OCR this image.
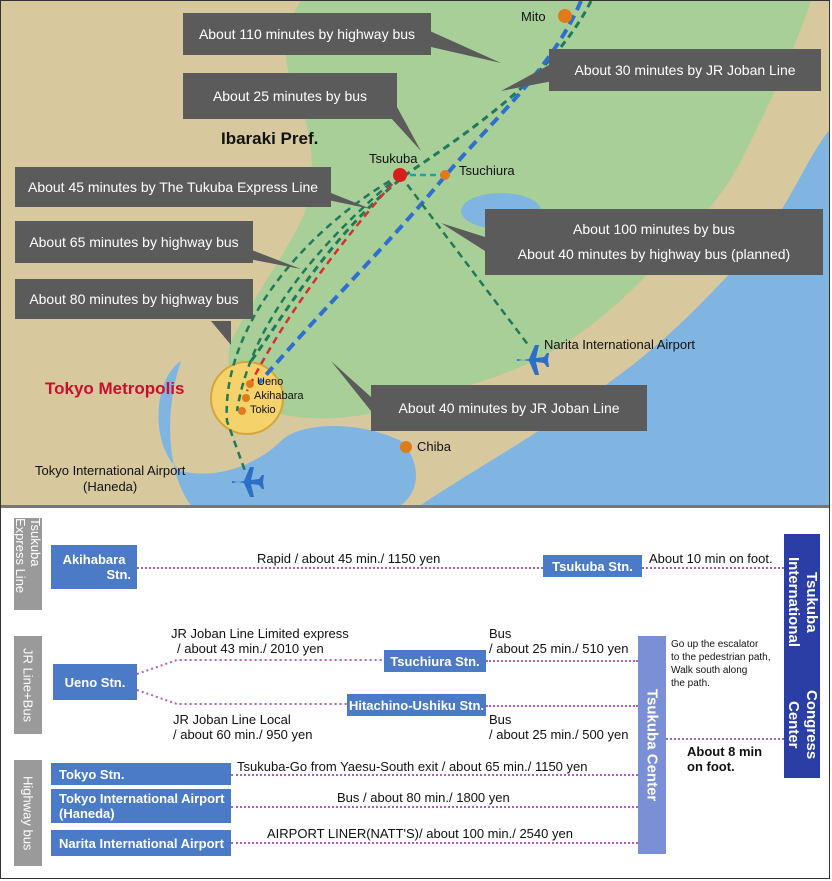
About 110 minutes by highway bus
About 30 minutes by JR Joban Line
About 25 minutes by bus
About 45 minutes by The Tukuba Express Line
About 65 minutes by highway bus
About 80 minutes by highway bus
About 100 minutes by bus
About 40 minutes by highway bus (planned)
About 40 minutes by JR Joban Line
Mito
Ibaraki Pref.
Tsukuba
Tsuchiura
Narita International Airport
Tokyo Metropolis	Ueno
Akihabara
Tokio
Chiba
Tokyo International Airport
(Haneda)
Tsukuba Express Line
JR Line+Bus
Highway bus
Akihabara
Stn.
Rapid / about 45 min./ 1150 yen	Tsukuba Stn.	About 10 min on foot.
Ueno Stn.
JR Joban Line Limited express
/ about 43 min./ 2010 yen
Tsuchiura Stn.
Bus
/ about 25 min./ 510 yen
JR Joban Line Local
/ about 60 min./ 950 yen
Hitachino-Ushiku Stn.
Bus
/ about 25 min./ 500 yen
Tokyo Stn.	Tsukuba-Go from Yaesu-South exit / about 65 min./ 1150 yen
Tokyo International Airport
(Haneda)
Bus / about 80 min./ 1800 yen
Narita International Airport
AIRPORT LINER(NATT'S)/ about 100 min./ 2540 yen
Tsukuba Center
Go up the escalator
to the pedestrian path,
Walk south along
the path.
About 8 min
on foot.
Tsukuba International
Congress Center
